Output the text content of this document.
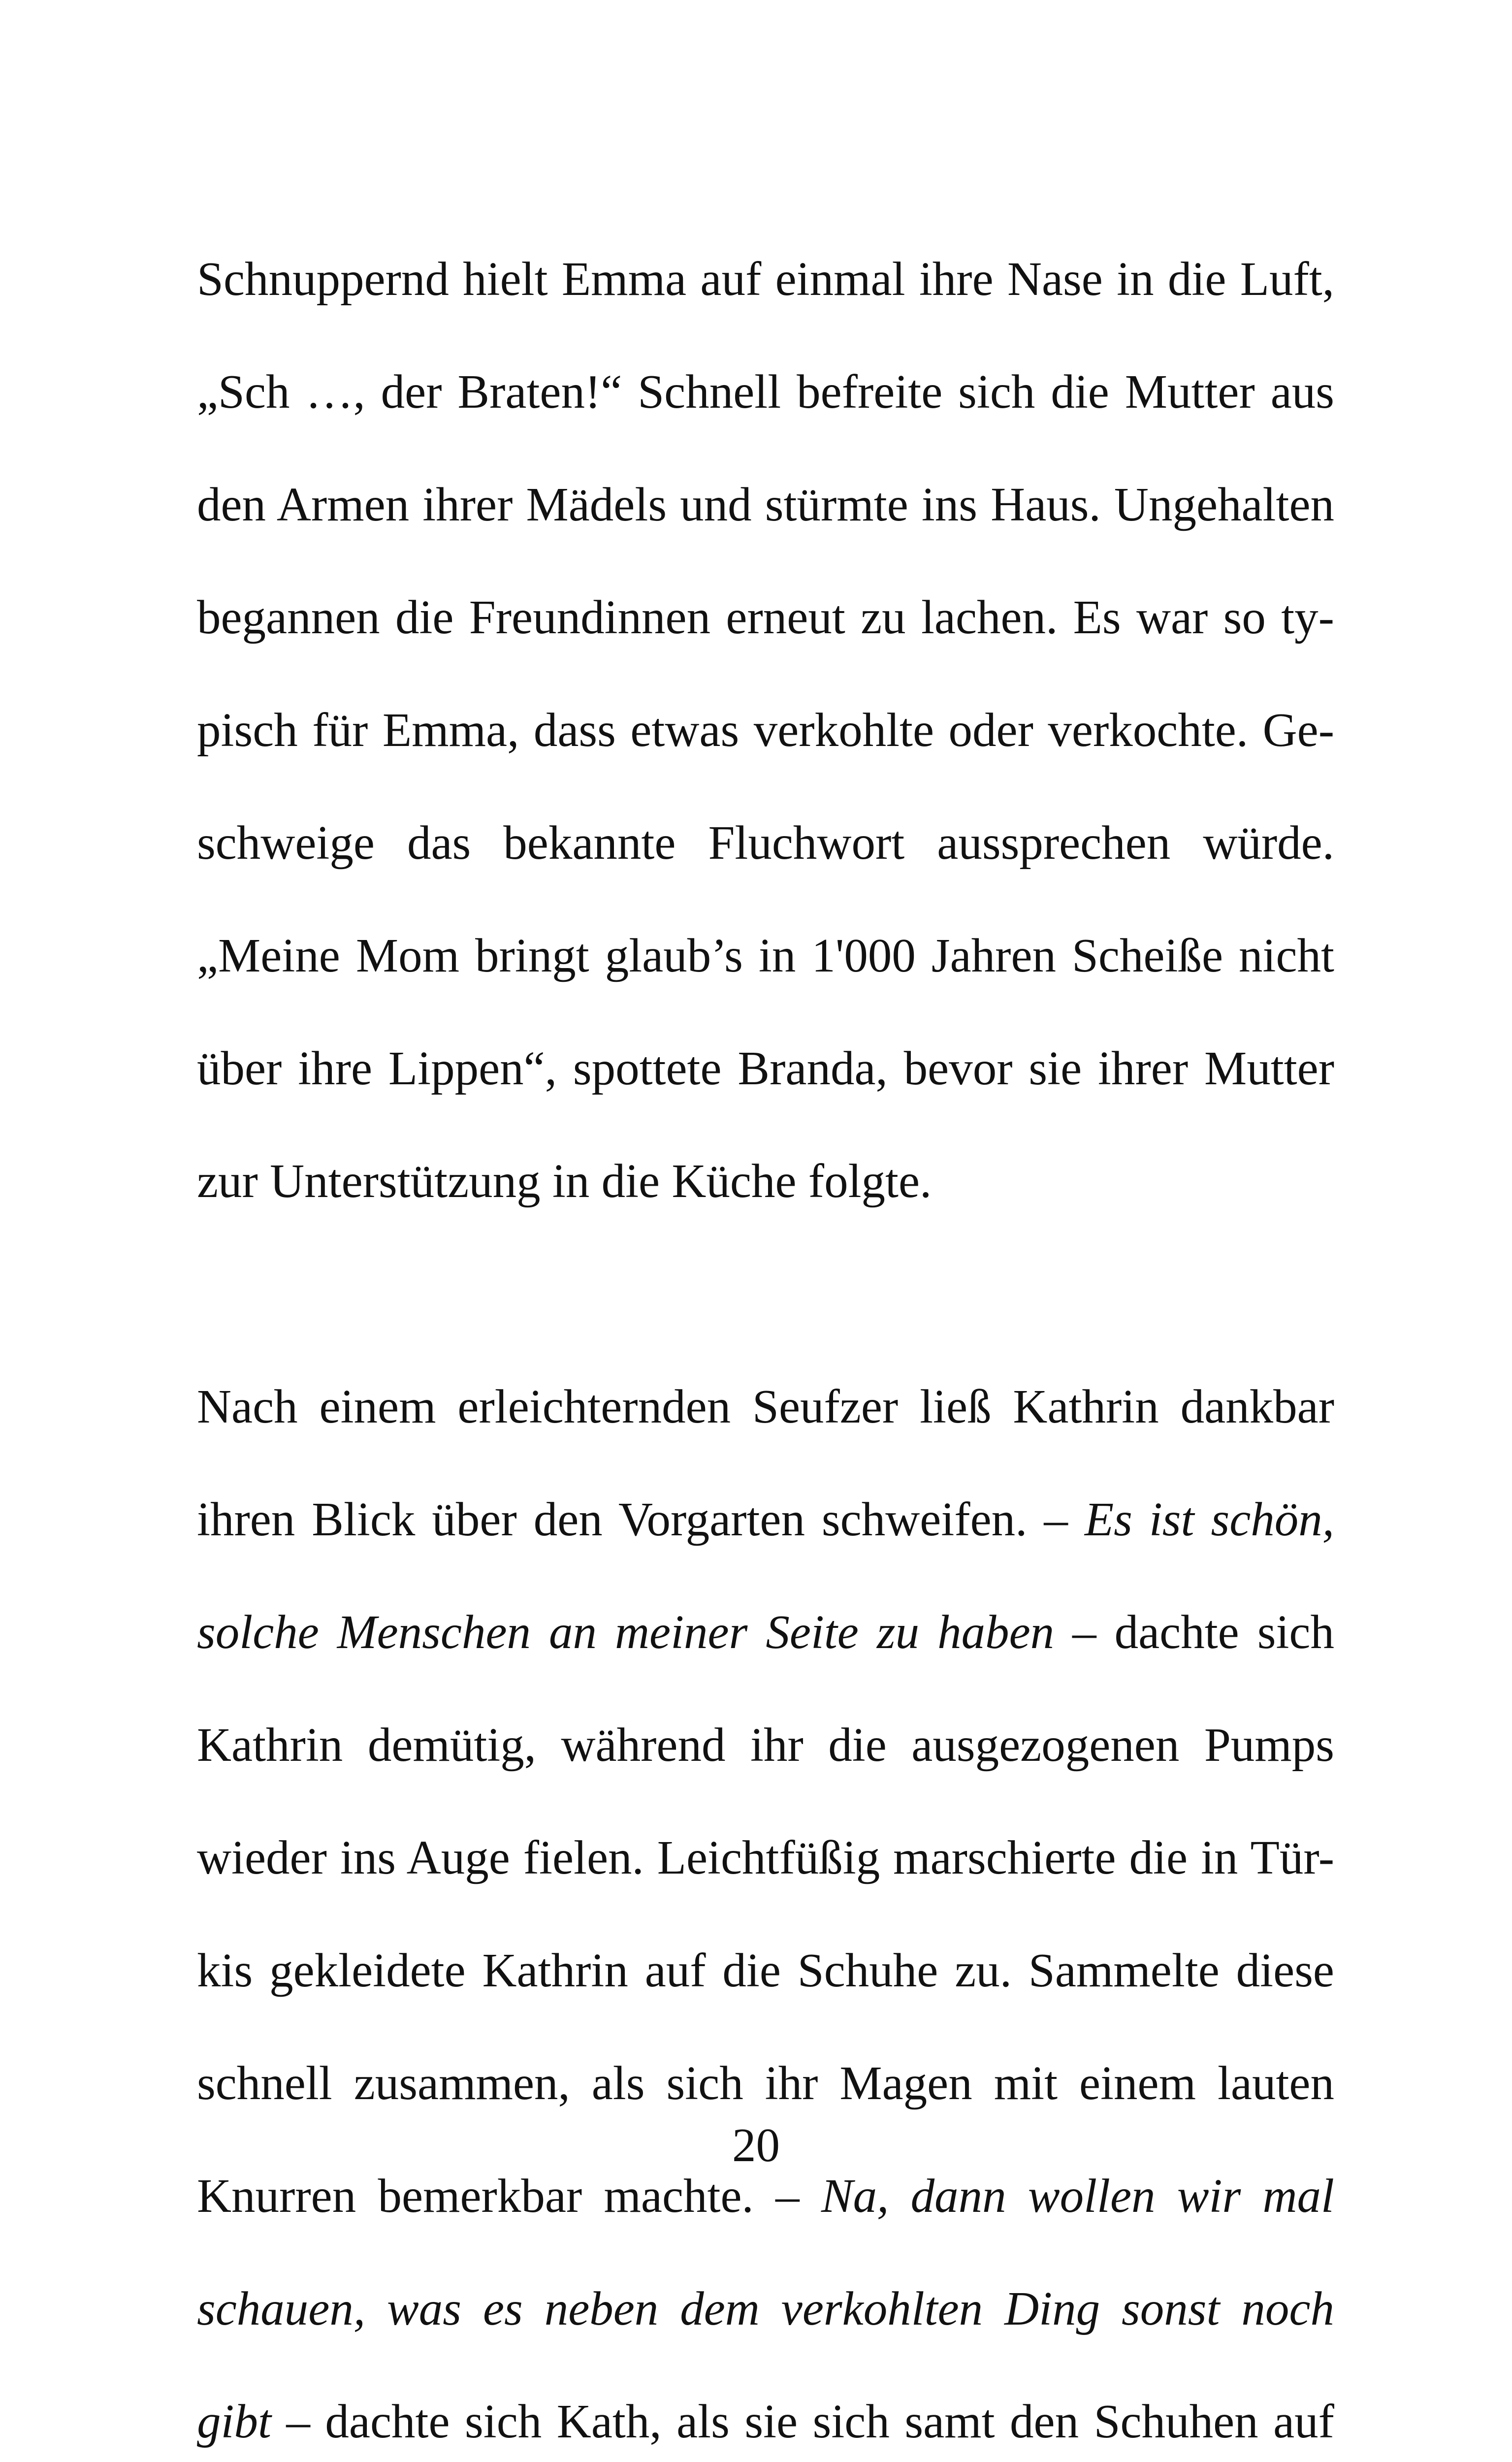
Schnuppernd hielt Emma auf einmal ihre Nase in die Luft,

„Sch …, der Braten!“ Schnell befreite sich die Mutter aus

den Armen ihrer Mädels und stürmte ins Haus. Ungehalten

begannen die Freundinnen erneut zu lachen. Es war so ty-

pisch für Emma, dass etwas verkohlte oder verkochte. Ge-

schweige das bekannte Fluchwort aussprechen würde.

„Meine Mom bringt glaub’s in 1'000 Jahren Scheiße nicht

über ihre Lippen“, spottete Branda, bevor sie ihrer Mutter

zur Unterstützung in die Küche folgte.

Nach einem erleichternden Seufzer ließ Kathrin dankbar

ihren Blick über den Vorgarten schweifen. – Es ist schön,

solche Menschen an meiner Seite zu haben – dachte sich

Kathrin demütig, während ihr die ausgezogenen Pumps

wieder ins Auge fielen. Leichtfüßig marschierte die in Tür-

kis gekleidete Kathrin auf die Schuhe zu. Sammelte diese

schnell zusammen, als sich ihr Magen mit einem lauten

Knurren bemerkbar machte. – Na, dann wollen wir mal

schauen, was es neben dem verkohlten Ding sonst noch

gibt – dachte sich Kath, als sie sich samt den Schuhen auf

20
